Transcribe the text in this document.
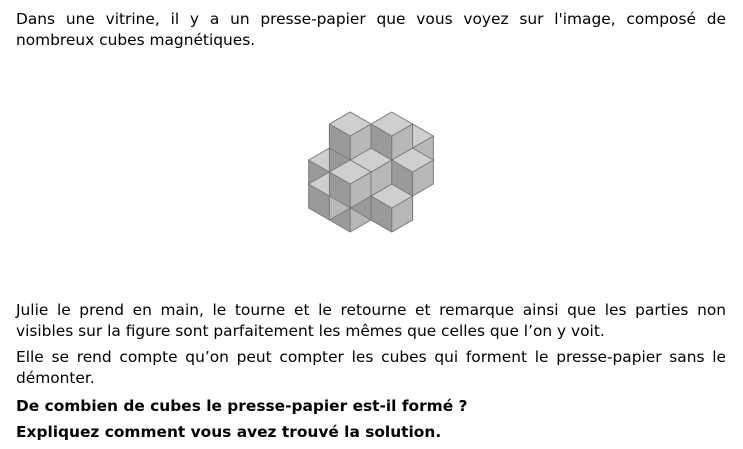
Dans une vitrine, il y a un presse-papier que vous voyez sur l'image, composé de nombreux cubes magnétiques.

Julie le prend en main, le tourne et le retourne et remarque ainsi que les parties non visibles sur la figure sont parfaitement les mêmes que celles que l’on y voit.

Elle se rend compte qu’on peut compter les cubes qui forment le presse-papier sans le démonter.

De combien de cubes le presse-papier est-il formé ?

Expliquez comment vous avez trouvé la solution.
